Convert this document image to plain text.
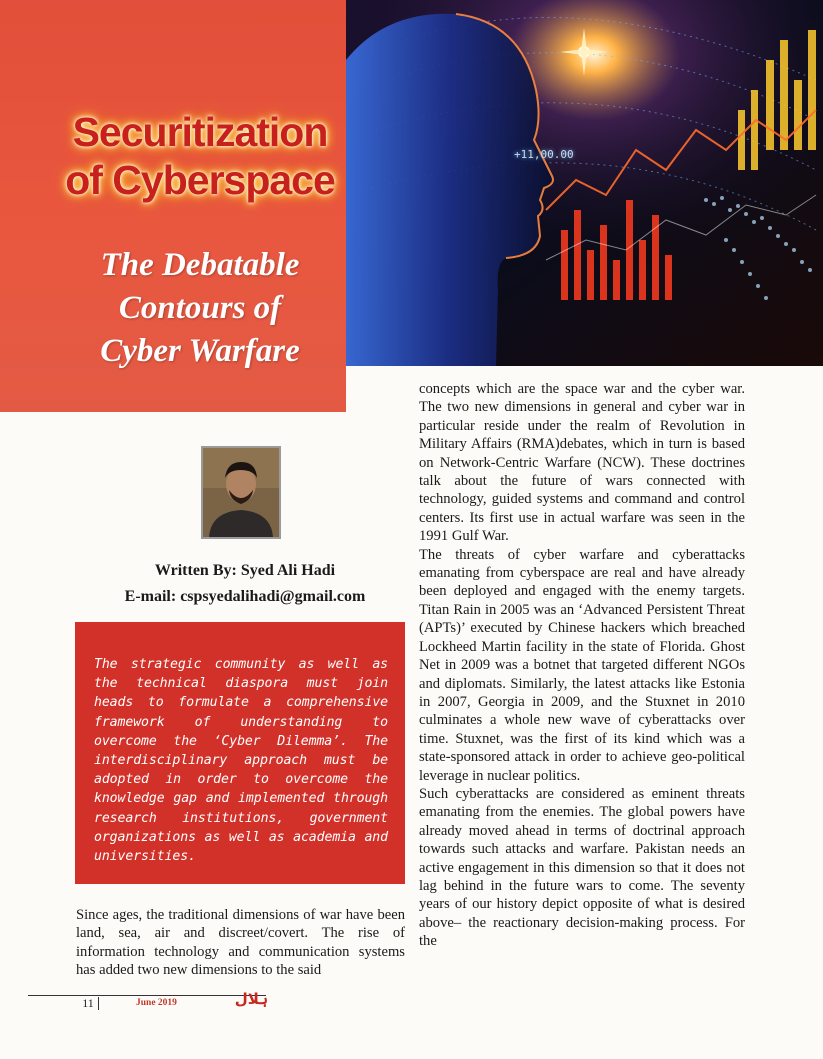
Securitization
of Cyberspace
The Debatable
Contours of
Cyber Warfare
+11,00.00
Written By: Syed Ali Hadi
E-mail: cspsyedalihadi@gmail.com
The strategic community as well as the technical diaspora must join heads to formulate a comprehensive framework of understanding to overcome the ‘Cyber Dilemma’. The interdisciplinary approach must be adopted in order to overcome the knowledge gap and implemented through research institutions, government organizations as well as academia and universities.

Since ages, the traditional dimensions of war have been land, sea, air and discreet/covert. The rise of information technology and communication systems has added two new dimensions to the said

concepts which are the space war and the cyber war. The two new dimensions in general and cyber war in particular reside under the realm of Revolution in Military Affairs (RMA)debates, which in turn is based on Network-Centric Warfare (NCW). These doctrines talk about the future of wars connected with technology, guided systems and command and control centers. Its first use in actual warfare was seen in the 1991 Gulf War.

The threats of cyber warfare and cyberattacks emanating from cyberspace are real and have already been deployed and engaged with the enemy targets. Titan Rain in 2005 was an ‘Advanced Persistent Threat (APTs)’ executed by Chinese hackers which breached Lockheed Martin facility in the state of Florida. Ghost Net in 2009 was a botnet that targeted different NGOs and diplomats. Similarly, the latest attacks like Estonia in 2007, Georgia in 2009, and the Stuxnet in 2010 culminates a whole new wave of cyberattacks over time. Stuxnet, was the first of its kind which was a state-sponsored attack in order to achieve geo-political leverage in nuclear politics.

Such cyberattacks are considered as eminent threats emanating from the enemies. The global powers have already moved ahead in terms of doctrinal approach towards such attacks and warfare. Pakistan needs an active engagement in this dimension so that it does not lag behind in the future wars to come. The seventy years of our history depict opposite of what is desired above– the reactionary decision-making process. For the

11	June 2019	ہلال
